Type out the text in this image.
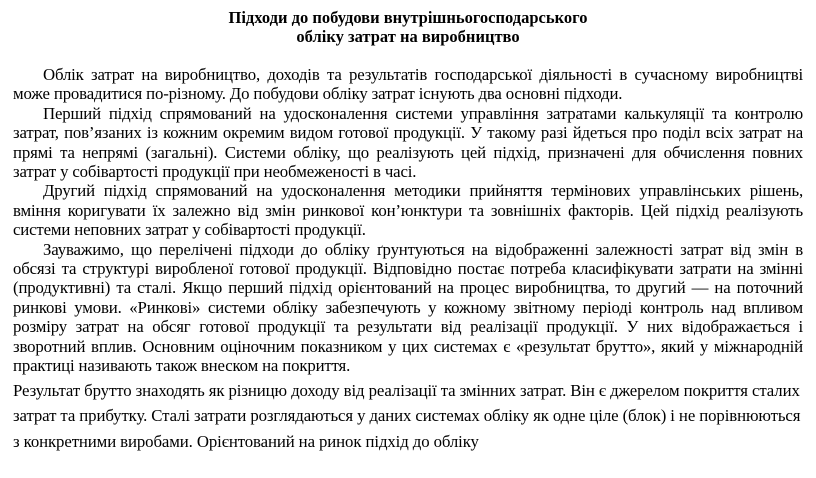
Підходи до побудови внутрішньогосподарського

обліку затрат на виробництво

Облік затрат на виробництво, доходів та результатів господарської діяльності в сучасному виробництві може провадитися по-різному. До побудови обліку затрат існують два основні підходи.

Перший підхід спрямований на удосконалення системи управління затратами калькуляції та контролю затрат, пов’язаних із кожним окремим видом готової продукції. У такому разі йдеться про поділ всіх затрат на прямі та непрямі (загальні). Системи обліку, що реалізують цей підхід, призначені для обчислення повних затрат у собівартості продукції при необмеженості в часі.

Другий підхід спрямований на удосконалення методики прийняття термінових управлінських рішень, вміння коригувати їх залежно від змін ринкової кон’юнктури та зовнішніх факторів. Цей підхід реалізують системи неповних затрат у собівартості продукції.

Зауважимо, що перелічені підходи до обліку ґрунтуються на відображенні залежності затрат від змін в обсязі та структурі виробленої готової продукції. Відповідно постає потреба класифікувати затрати на змінні (продуктивні) та сталі. Якщо перший підхід орієнтований на процес виробництва, то другий — на поточний ринкові умови. «Ринкові» системи обліку забезпечують у кожному звітному періоді контроль над впливом розміру затрат на обсяг готової продукції та результати від реалізації продукції. У них відображається і зворотний вплив. Основним оціночним показником у цих системах є «результат брутто», який у міжнародній практиці називають також внеском на покриття.

Результат брутто знаходять як різницю доходу від реалізації та змінних затрат. Він є джерелом покриття сталих затрат та прибутку. Сталі затрати розглядаються у даних системах обліку як одне ціле (блок) і не порівнюються з конкретними виробами. Орієнтований на ринок підхід до обліку
